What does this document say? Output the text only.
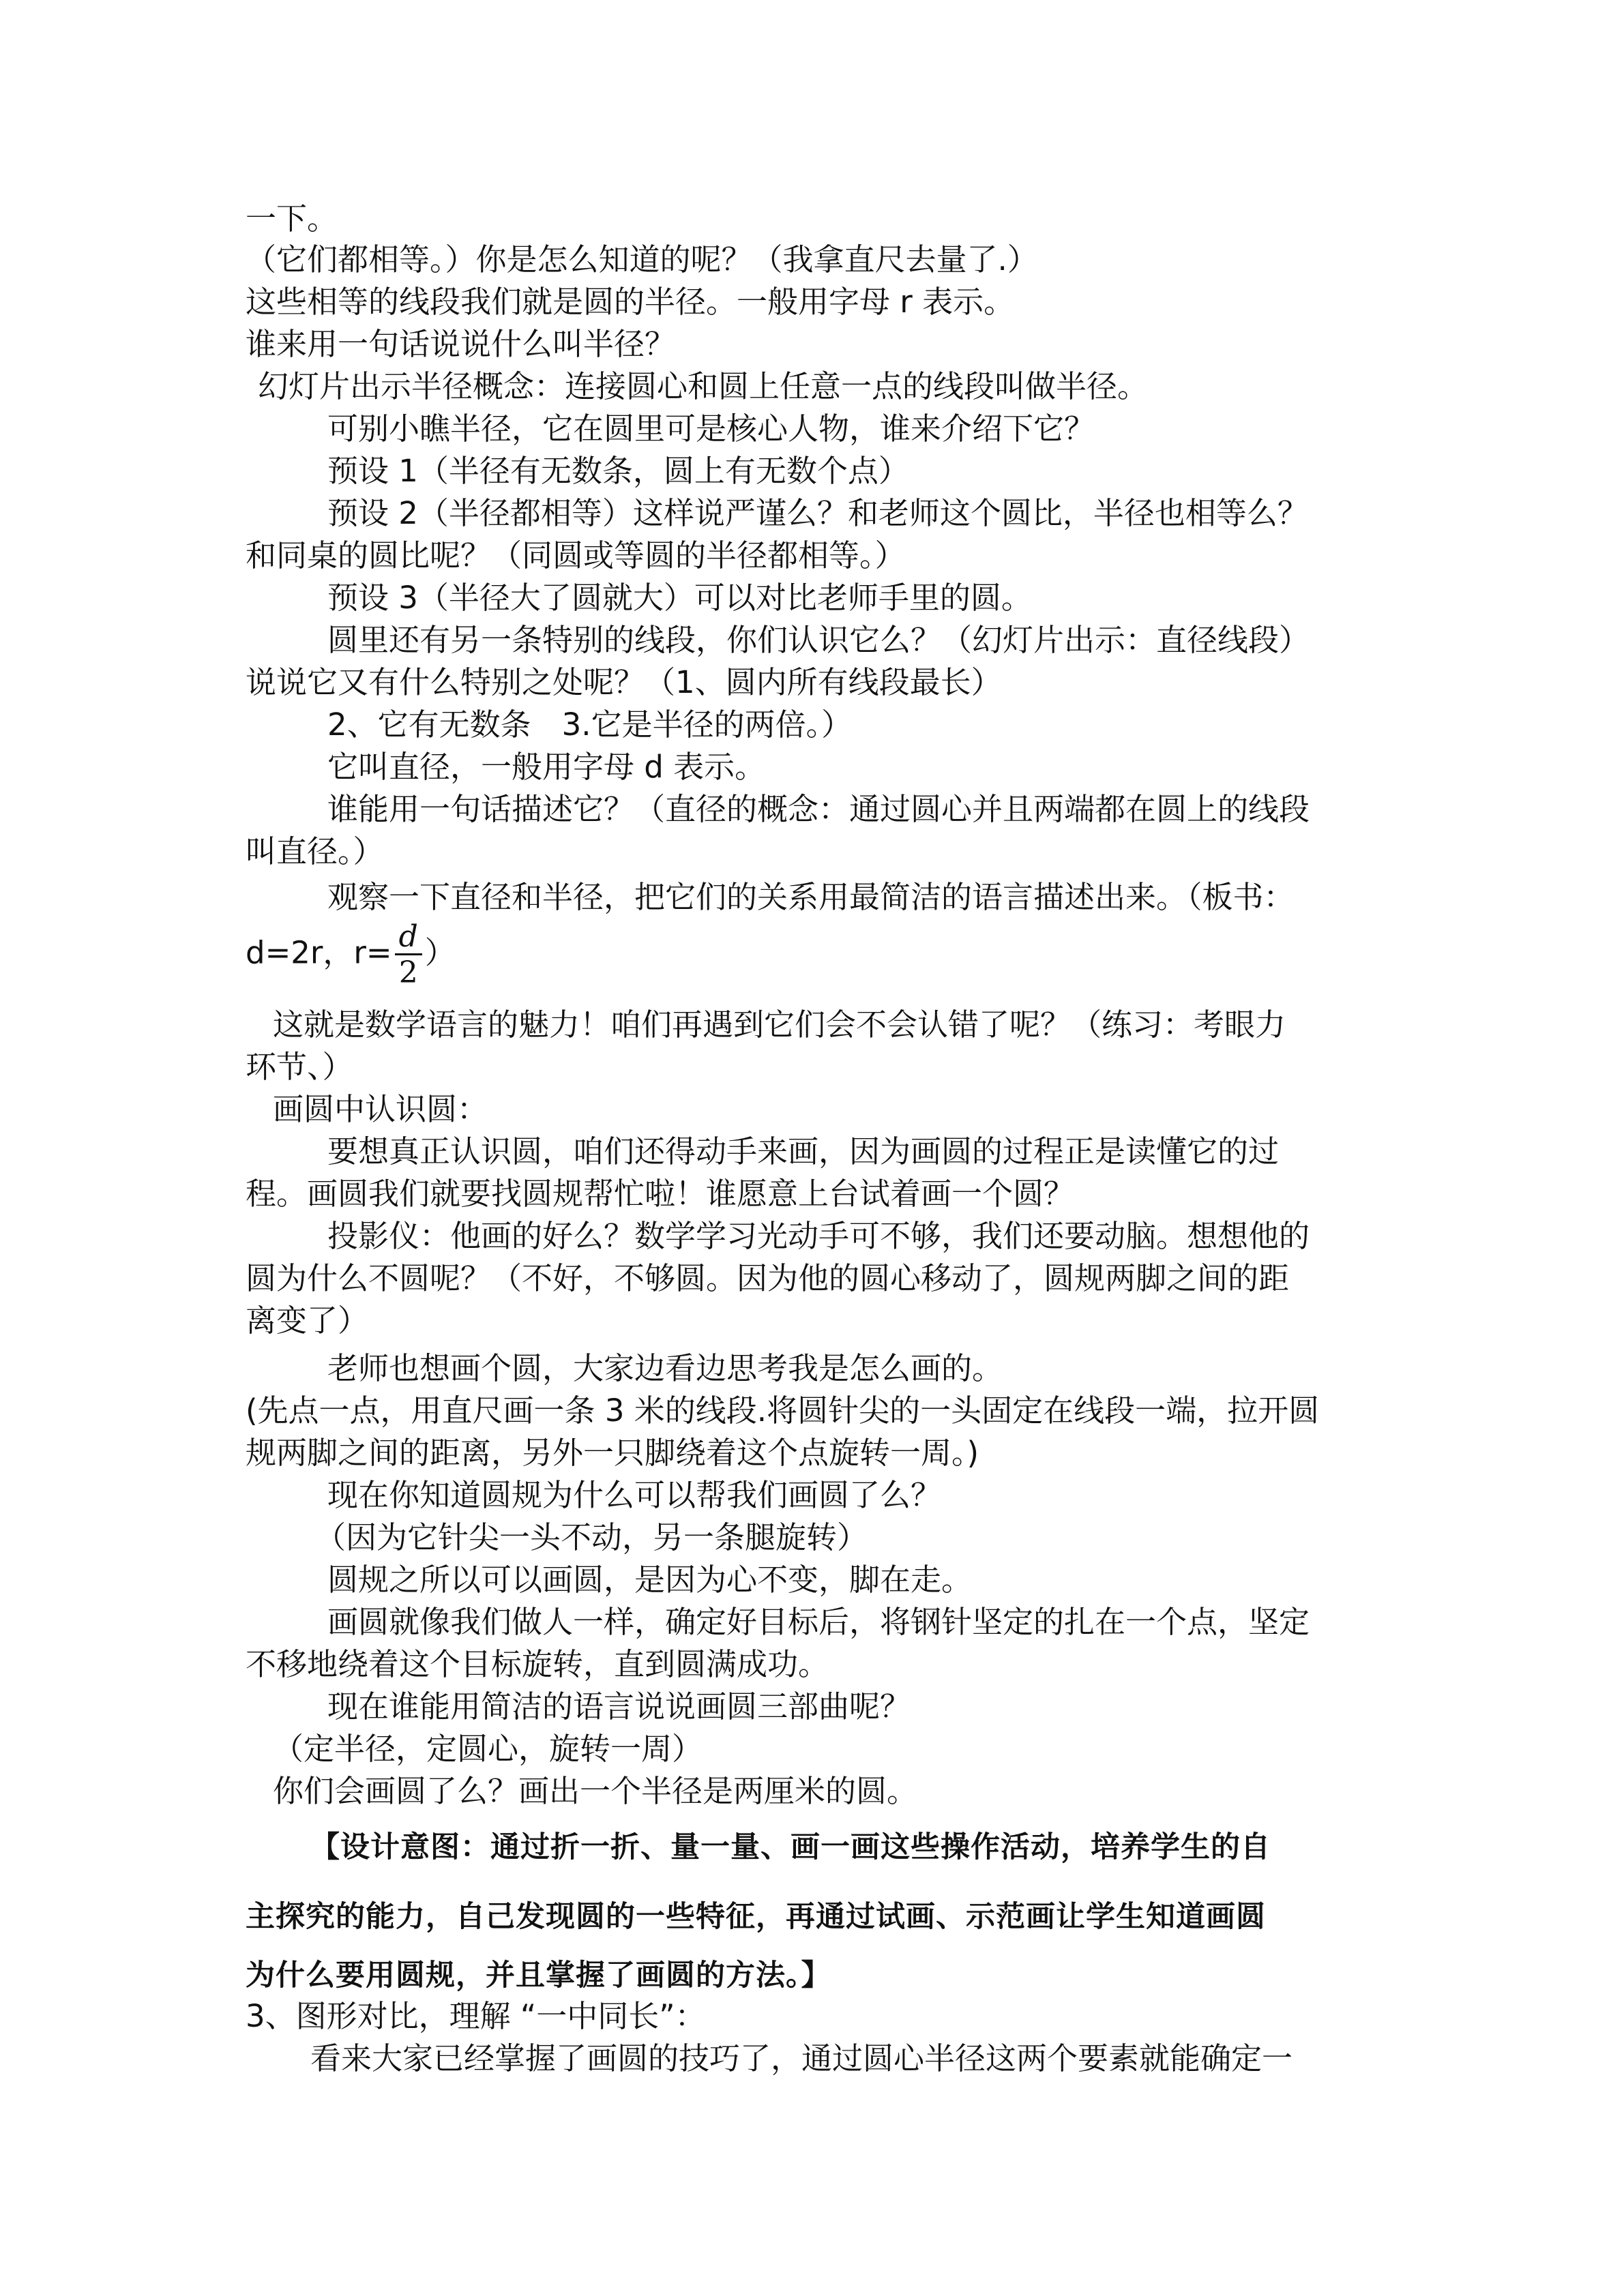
一下。

（它们都相等。）你是怎么知道的呢？（我拿直尺去量了.）

这些相等的线段我们就是圆的半径。一般用字母 r 表示。

谁来用一句话说说什么叫半径？

幻灯片出示半径概念：连接圆心和圆上任意一点的线段叫做半径。

可别小瞧半径，它在圆里可是核心人物，谁来介绍下它？

预设 1（半径有无数条，圆上有无数个点）

预设 2（半径都相等）这样说严谨么？和老师这个圆比，半径也相等么？

和同桌的圆比呢？（同圆或等圆的半径都相等。）

预设 3（半径大了圆就大）可以对比老师手里的圆。

圆里还有另一条特别的线段，你们认识它么？（幻灯片出示：直径线段）

说说它又有什么特别之处呢？（1、圆内所有线段最长）

2、它有无数条　3.它是半径的两倍。）

它叫直径，一般用字母 d 表示。

谁能用一句话描述它？（直径的概念：通过圆心并且两端都在圆上的线段

叫直径。）

观察一下直径和半径，把它们的关系用最简洁的语言描述出来。（板书：

d=2r，$r= \frac{d}{2}$ ）

这就是数学语言的魅力！咱们再遇到它们会不会认错了呢？（练习：考眼力

环节、）

画圆中认识圆：

要想真正认识圆，咱们还得动手来画，因为画圆的过程正是读懂它的过

程。画圆我们就要找圆规帮忙啦！谁愿意上台试着画一个圆？

投影仪：他画的好么？数学学习光动手可不够，我们还要动脑。想想他的

圆为什么不圆呢？（不好，不够圆。因为他的圆心移动了，圆规两脚之间的距

离变了）

老师也想画个圆，大家边看边思考我是怎么画的。

(先点一点，用直尺画一条 3 米的线段.将圆针尖的一头固定在线段一端，拉开圆

规两脚之间的距离，另外一只脚绕着这个点旋转一周。)

现在你知道圆规为什么可以帮我们画圆了么？

（因为它针尖一头不动，另一条腿旋转）

圆规之所以可以画圆，是因为心不变，脚在走。

画圆就像我们做人一样，确定好目标后，将钢针坚定的扎在一个点，坚定

不移地绕着这个目标旋转，直到圆满成功。

现在谁能用简洁的语言说说画圆三部曲呢？

（定半径，定圆心，旋转一周）

你们会画圆了么？画出一个半径是两厘米的圆。

【设计意图：通过折一折、量一量、画一画这些操作活动，培养学生的自

主探究的能力，自己发现圆的一些特征，再通过试画、示范画让学生知道画圆

为什么要用圆规，并且掌握了画圆的方法。】

3、图形对比，理解 “一中同长”：

看来大家已经掌握了画圆的技巧了，通过圆心半径这两个要素就能确定一
